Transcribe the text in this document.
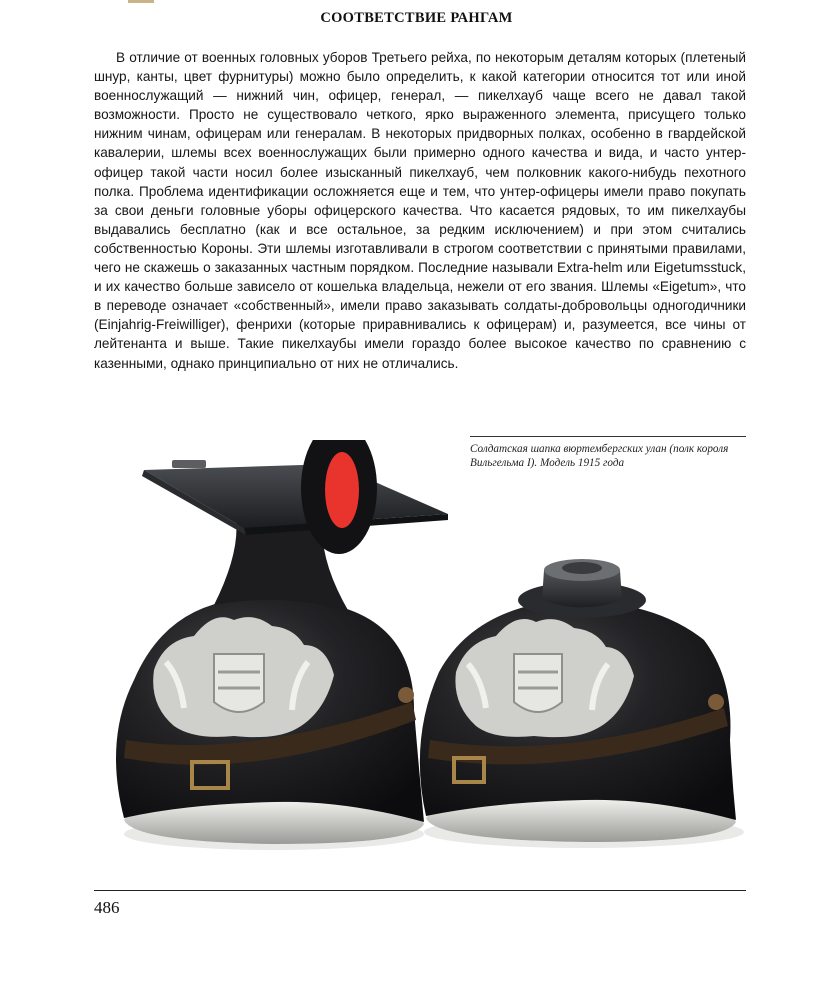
СООТВЕТСТВИЕ РАНГАМ

В отличие от военных головных уборов Третьего рейха, по некоторым деталям которых (плетеный шнур, канты, цвет фурнитуры) можно было определить, к какой категории относится тот или иной военнослужащий — нижний чин, офицер, генерал, — пикелхауб чаще всего не давал такой возможности. Просто не существовало четкого, ярко выраженного элемента, присущего только нижним чинам, офицерам или генералам. В некоторых придворных полках, особенно в гвардейской кавалерии, шлемы всех военнослужащих были примерно одного качества и вида, и часто унтер-офицер такой части носил более изысканный пикелхауб, чем полковник какого-нибудь пехотного полка. Проблема идентификации осложняется еще и тем, что унтер-офицеры имели право покупать за свои деньги головные уборы офицерского качества. Что касается рядовых, то им пикелхаубы выдавались бесплатно (как и все остальное, за редким исключением) и при этом считались собственностью Короны. Эти шлемы изготавливали в строгом соответствии с принятыми правилами, чего не скажешь о заказанных частным порядком. Последние называли Extra-helm или Eigetumsstuck, и их качество больше зависело от кошелька владельца, нежели от его звания. Шлемы «Eigetum», что в переводе означает «собственный», имели право заказывать солдаты-добровольцы одногодичники (Einjahrig-Freiwilliger), фенрихи (которые приравнивались к офицерам) и, разумеется, все чины от лейтенанта и выше. Такие пикелхаубы имели гораздо более высокое качество по сравнению с казенными, однако принципиально от них не отличались.

Солдатская шапка вюртембергских улан (полк короля Вильгельма I). Модель 1915 года
486
